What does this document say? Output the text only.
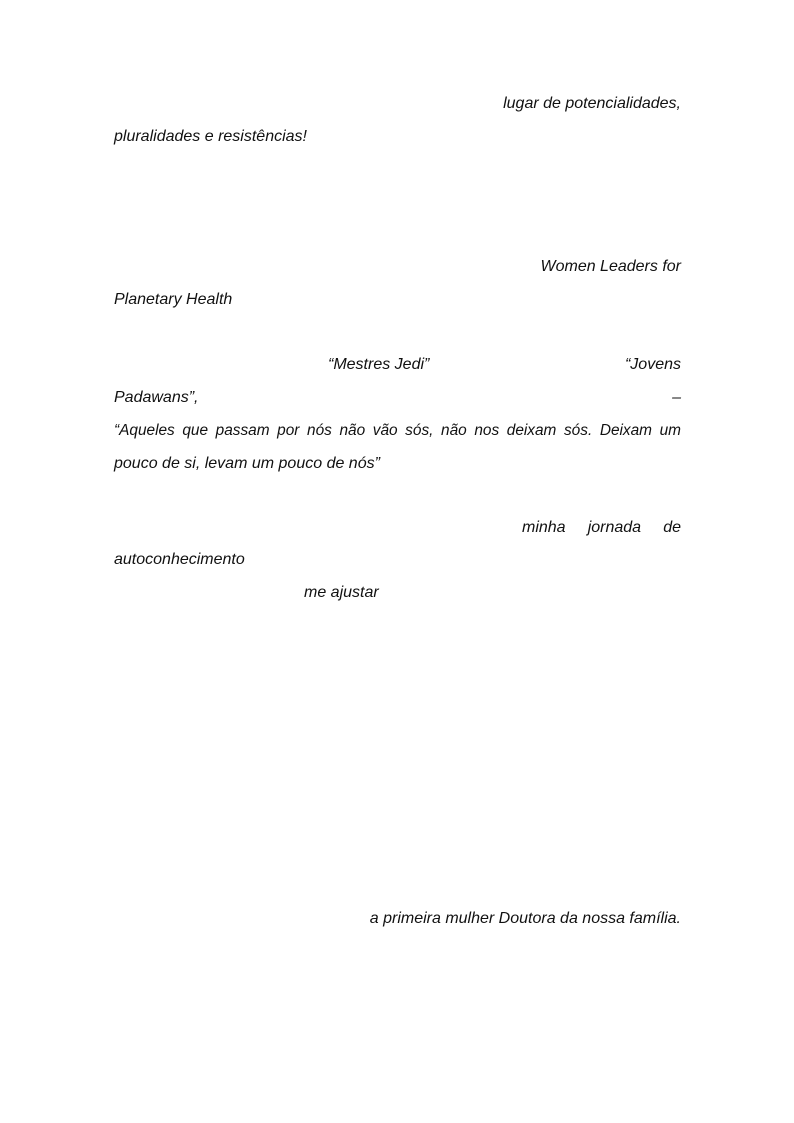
lugar de potencialidades,
pluralidades e resistências!
Women Leaders for
Planetary Health
“Mestres Jedi”	“Jovens
Padawans”,	–
“Aqueles que passam por nós não vão sós, não nos deixam sós. Deixam um
pouco de si, levam um pouco de nós”
minha jornada de
autoconhecimento
me ajustar
a primeira mulher Doutora da nossa família.
